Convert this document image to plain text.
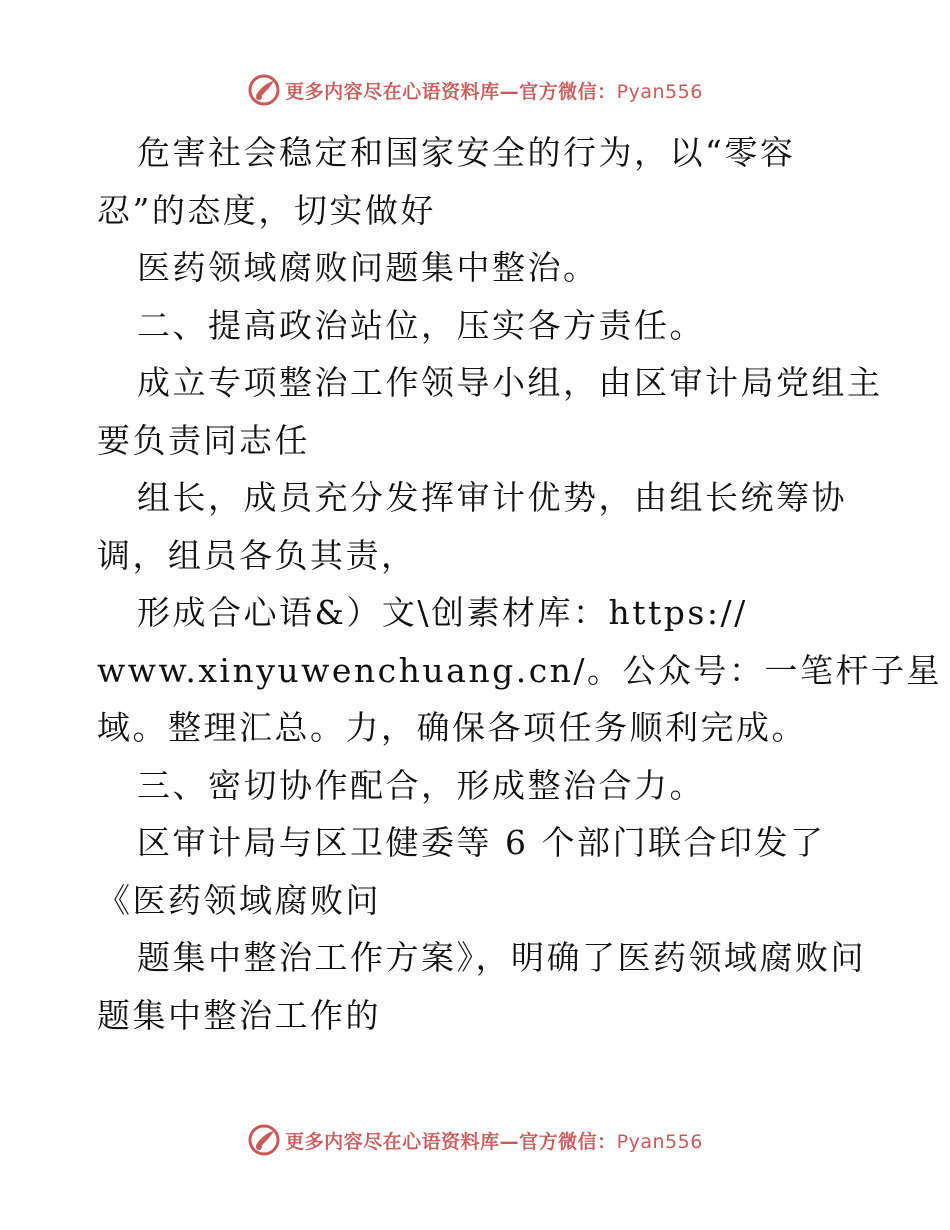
更多内容尽在心语资料库—官方微信：Pyan556
危害社会稳定和国家安全的行为，以“零容
忍”的态度，切实做好
医药领域腐败问题集中整治。
二、提高政治站位，压实各方责任。
成立专项整治工作领导小组，由区审计局党组主
要负责同志任
组长，成员充分发挥审计优势，由组长统筹协
调，组员各负其责，
形成合心语&）文\创素材库：https://
www.xinyuwenchuang.cn/。公众号：一笔杆子星
域。整理汇总。力，确保各项任务顺利完成。
三、密切协作配合，形成整治合力。
区审计局与区卫健委等 6 个部门联合印发了
《医药领域腐败问
题集中整治工作方案》，明确了医药领域腐败问
题集中整治工作的
更多内容尽在心语资料库—官方微信：Pyan556
